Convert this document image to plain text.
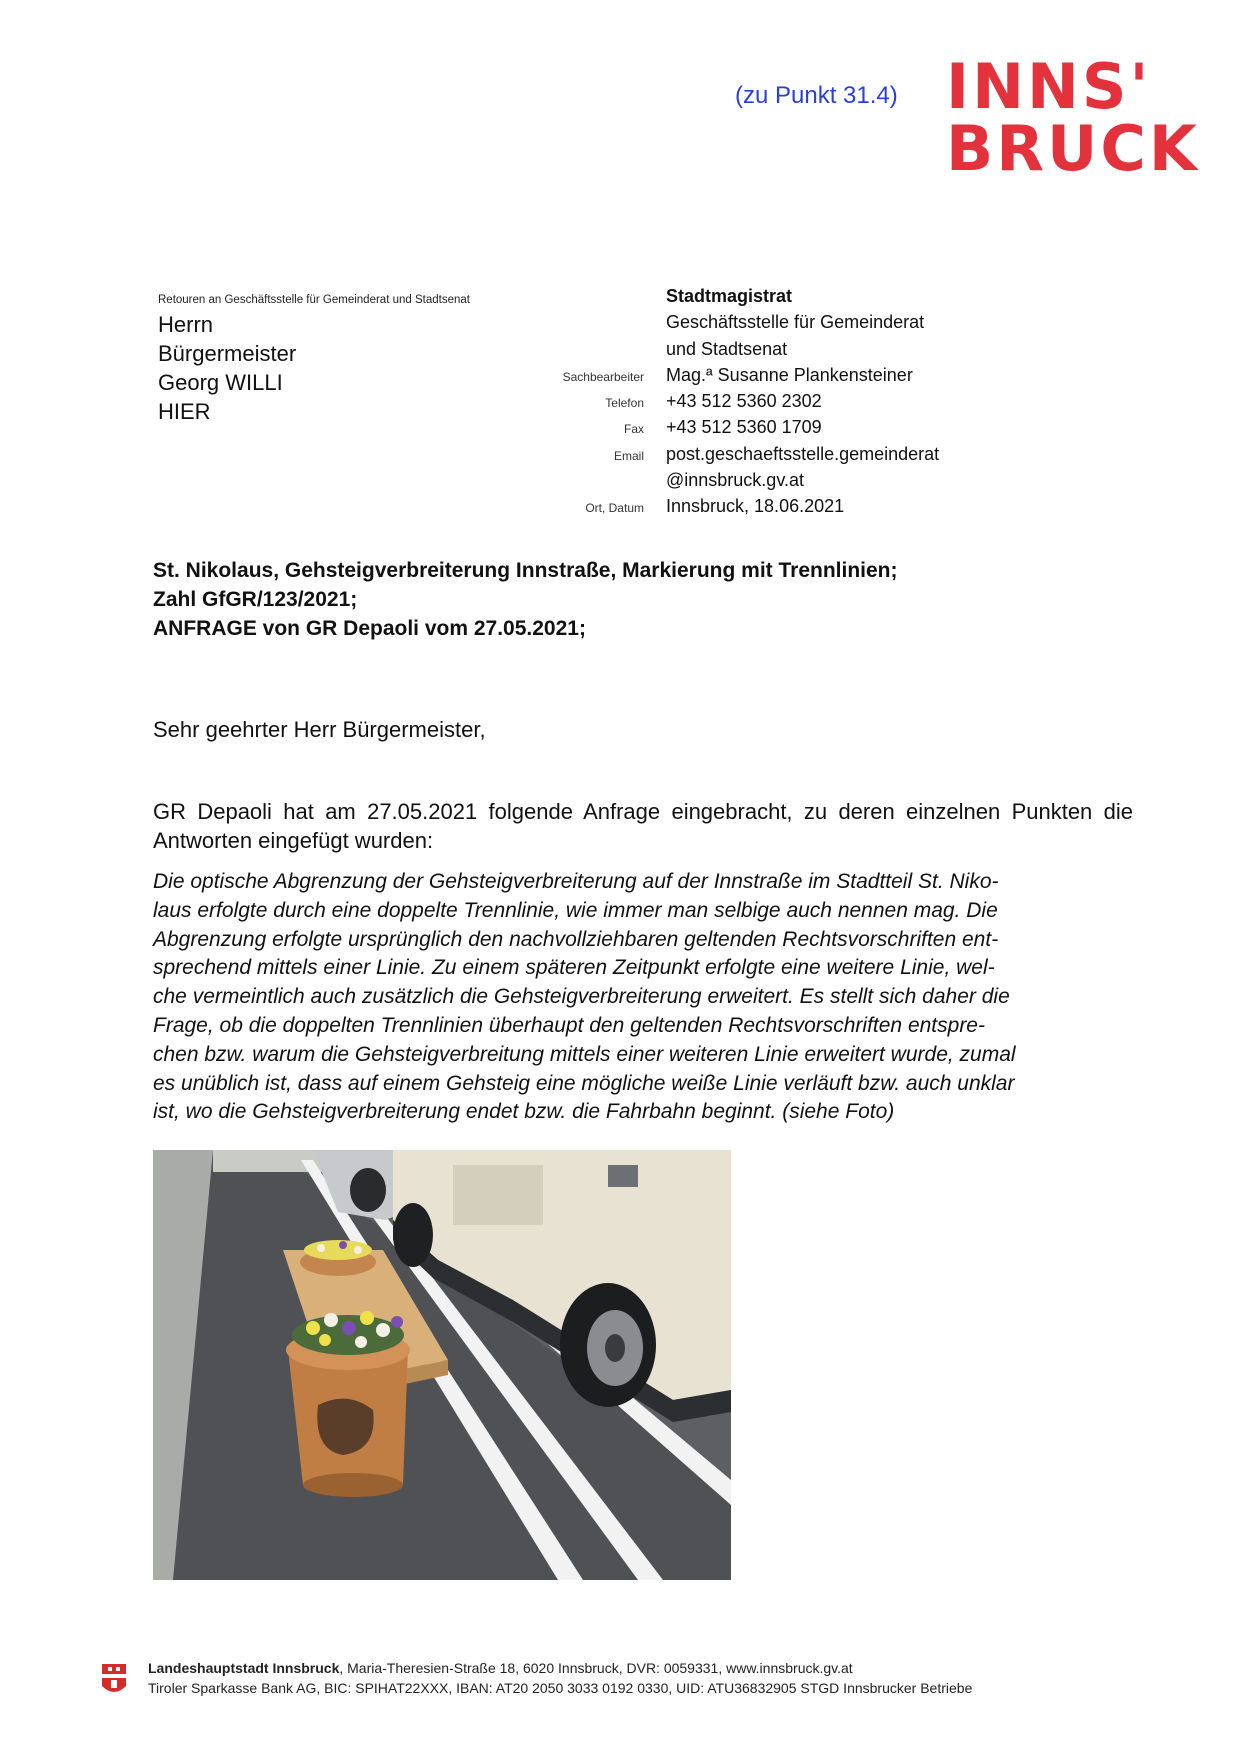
(zu Punkt 31.4) INNS'
BRUCK
Retouren an Geschäftsstelle für Gemeinderat und Stadtsenat
Herrn
Bürgermeister
Georg WILLI
HIER
Stadtmagistrat
Geschäftsstelle für Gemeinderat
und Stadtsenat
Sachbearbeiter	Mag.ª Susanne Plankensteiner
Telefon	+43 512 5360 2302
Fax	+43 512 5360 1709
Email	post.geschaeftsstelle.gemeinderat
@innsbruck.gv.at
Ort, Datum	Innsbruck, 18.06.2021
St. Nikolaus, Gehsteigverbreiterung Innstraße, Markierung mit Trennlinien;
Zahl GfGR/123/2021;
ANFRAGE von GR Depaoli vom 27.05.2021;
Sehr geehrter Herr Bürgermeister,
GR Depaoli hat am 27.05.2021 folgende Anfrage eingebracht, zu deren einzelnen Punkten die Antworten eingefügt wurden:
Die optische Abgrenzung der Gehsteigverbreiterung auf der Innstraße im Stadtteil St. Niko-
laus erfolgte durch eine doppelte Trennlinie, wie immer man selbige auch nennen mag. Die
Abgrenzung erfolgte ursprünglich den nachvollziehbaren geltenden Rechtsvorschriften ent-
sprechend mittels einer Linie. Zu einem späteren Zeitpunkt erfolgte eine weitere Linie, wel-
che vermeintlich auch zusätzlich die Gehsteigverbreiterung erweitert. Es stellt sich daher die
Frage, ob die doppelten Trennlinien überhaupt den geltenden Rechtsvorschriften entspre-
chen bzw. warum die Gehsteigverbreitung mittels einer weiteren Linie erweitert wurde, zumal
es unüblich ist, dass auf einem Gehsteig eine mögliche weiße Linie verläuft bzw. auch unklar
ist, wo die Gehsteigverbreiterung endet bzw. die Fahrbahn beginnt. (siehe Foto)
Landeshauptstadt Innsbruck, Maria-Theresien-Straße 18, 6020 Innsbruck, DVR: 0059331, www.innsbruck.gv.at
Tiroler Sparkasse Bank AG, BIC: SPIHAT22XXX, IBAN: AT20 2050 3033 0192 0330, UID: ATU36832905 STGD Innsbrucker Betriebe
